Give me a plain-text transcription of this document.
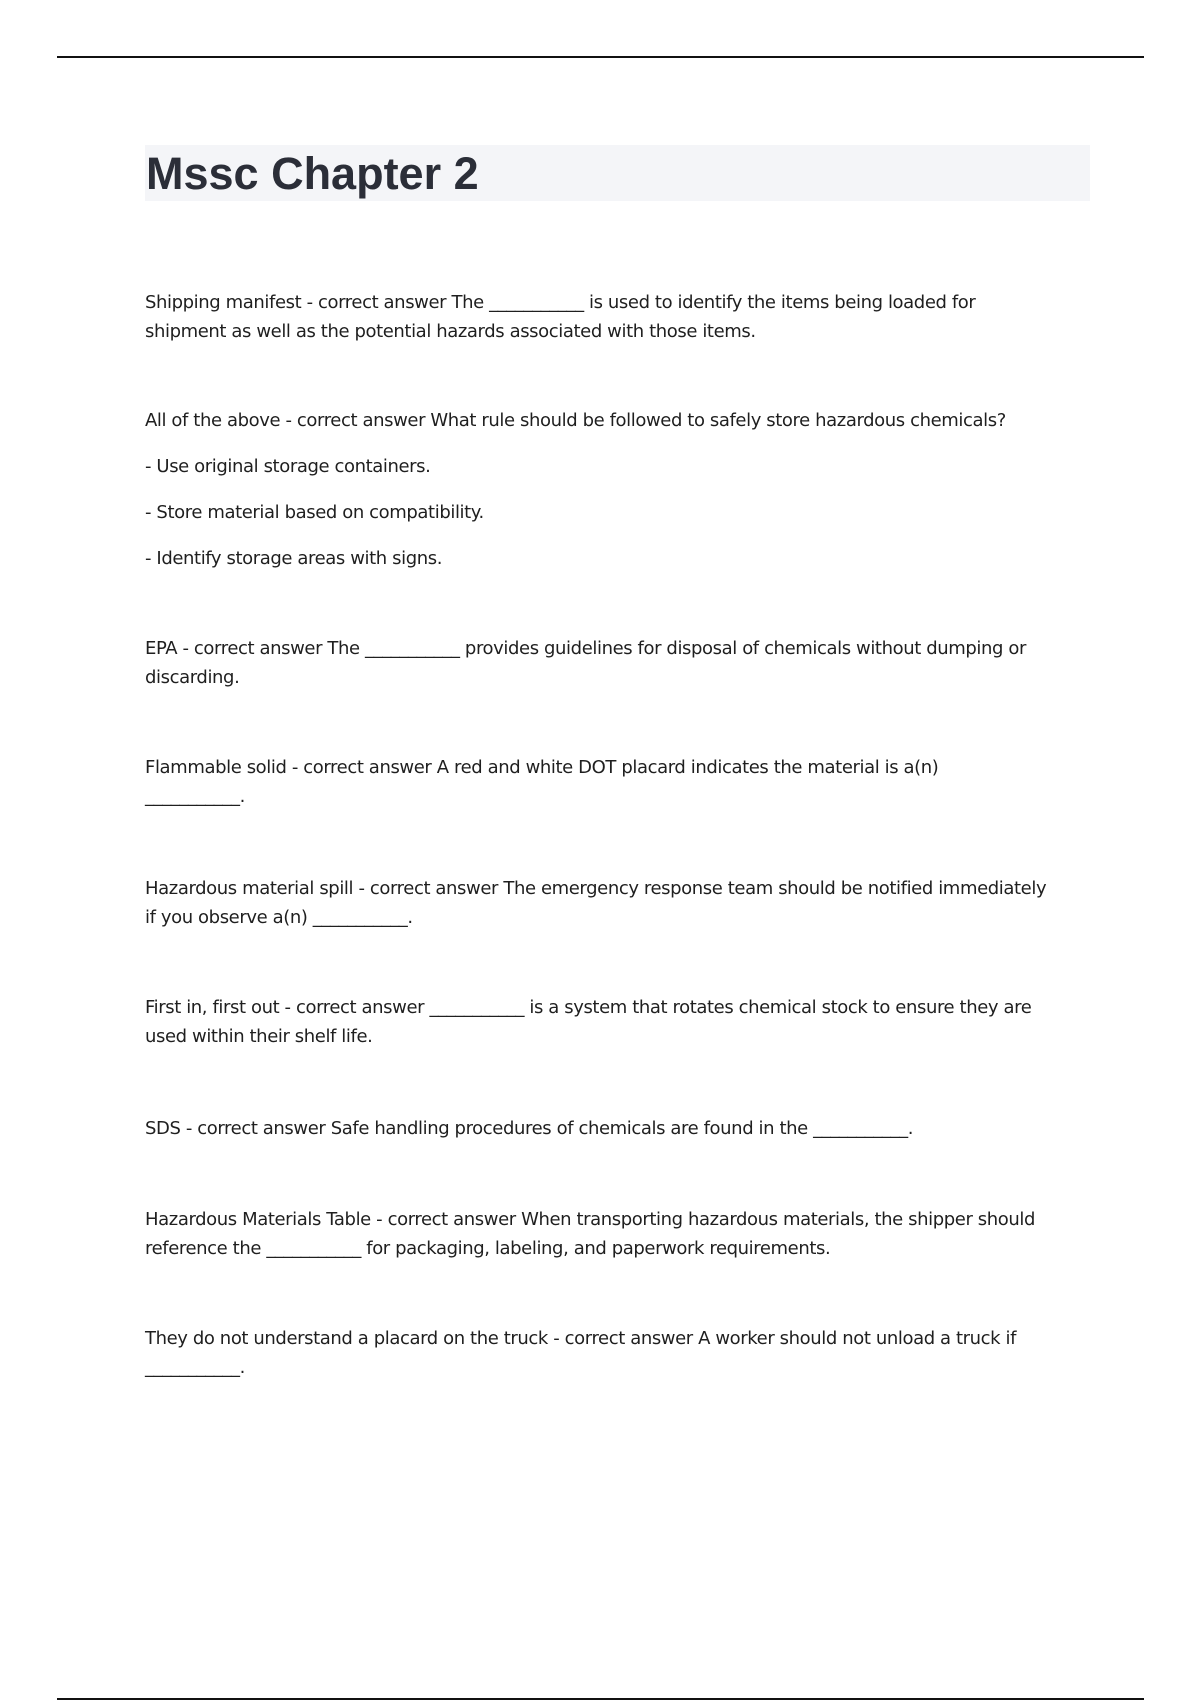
Mssc Chapter 2
Shipping manifest - correct answer The ___________ is used to identify the items being loaded for
shipment as well as the potential hazards associated with those items.
All of the above - correct answer What rule should be followed to safely store hazardous chemicals?
- Use original storage containers.
- Store material based on compatibility.
- Identify storage areas with signs.
EPA - correct answer The ___________ provides guidelines for disposal of chemicals without dumping or
discarding.
Flammable solid - correct answer A red and white DOT placard indicates the material is a(n)
___________.
Hazardous material spill - correct answer The emergency response team should be notified immediately
if you observe a(n) ___________.
First in, first out - correct answer ___________ is a system that rotates chemical stock to ensure they are
used within their shelf life.
SDS - correct answer Safe handling procedures of chemicals are found in the ___________.
Hazardous Materials Table - correct answer When transporting hazardous materials, the shipper should
reference the ___________ for packaging, labeling, and paperwork requirements.
They do not understand a placard on the truck - correct answer A worker should not unload a truck if
___________.
